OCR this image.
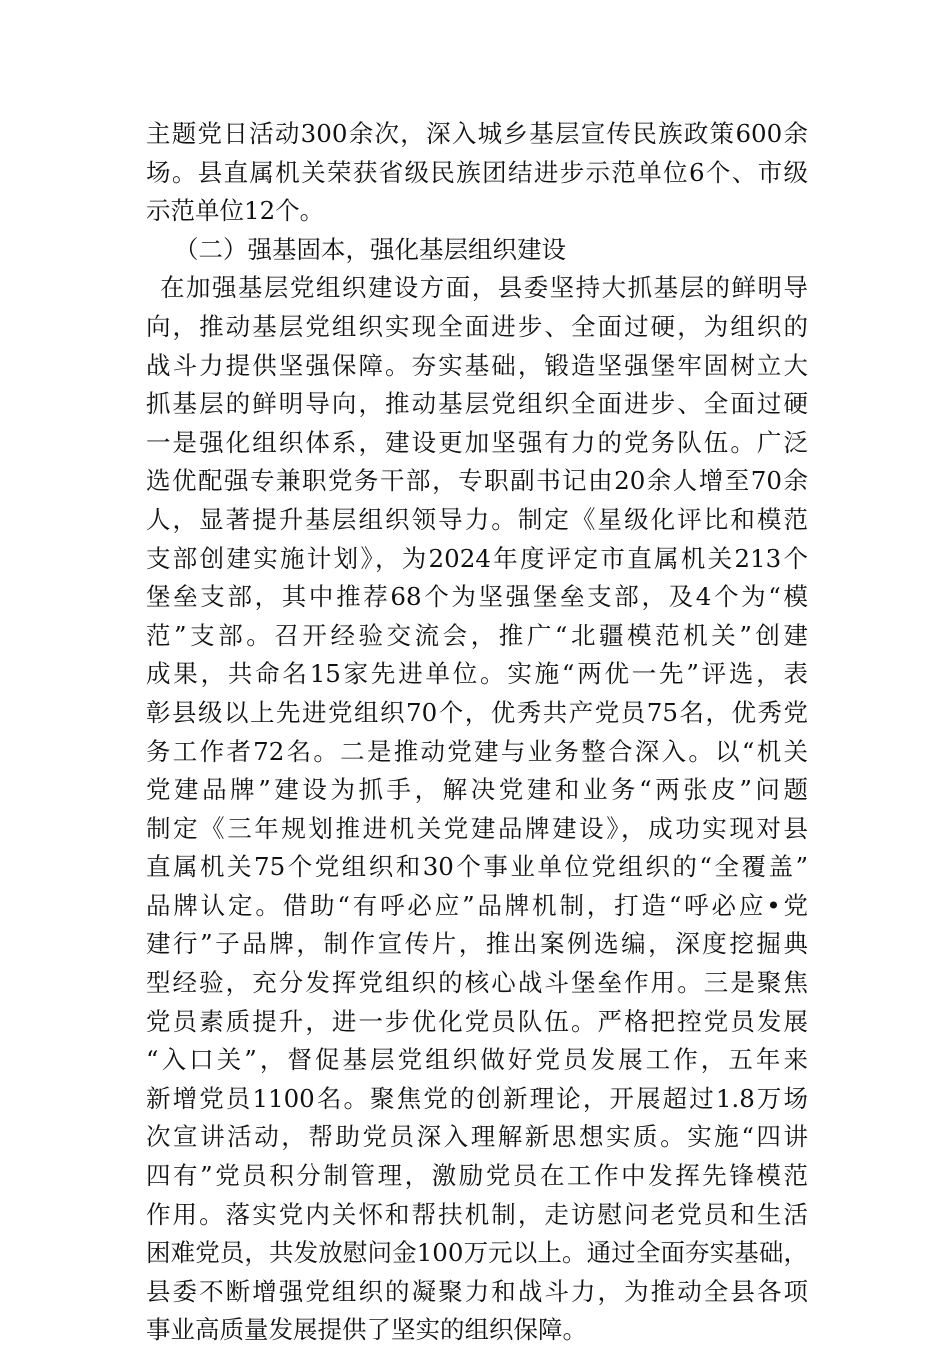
主题党日活动300余次，深入城乡基层宣传民族政策600余
场。县直属机关荣获省级民族团结进步示范单位6个、市级
示范单位12个。
（二）强基固本，强化基层组织建设
在加强基层党组织建设方面，县委坚持大抓基层的鲜明导
向，推动基层党组织实现全面进步、全面过硬，为组织的
战斗力提供坚强保障。夯实基础，锻造坚强堡牢固树立大
抓基层的鲜明导向，推动基层党组织全面进步、全面过硬
一是强化组织体系，建设更加坚强有力的党务队伍。广泛
选优配强专兼职党务干部，专职副书记由20余人增至70余
人，显著提升基层组织领导力。制定《星级化评比和模范
支部创建实施计划》，为2024年度评定市直属机关213个
堡垒支部，其中推荐68个为坚强堡垒支部，及4个为“模
范”支部。召开经验交流会，推广“北疆模范机关”创建
成果，共命名15家先进单位。实施“两优一先”评选，表
彰县级以上先进党组织70个，优秀共产党员75名，优秀党
务工作者72名。二是推动党建与业务整合深入。以“机关
党建品牌”建设为抓手，解决党建和业务“两张皮”问题
制定《三年规划推进机关党建品牌建设》，成功实现对县
直属机关75个党组织和30个事业单位党组织的“全覆盖”
品牌认定。借助“有呼必应”品牌机制，打造“呼必应•党
建行”子品牌，制作宣传片，推出案例选编，深度挖掘典
型经验，充分发挥党组织的核心战斗堡垒作用。三是聚焦
党员素质提升，进一步优化党员队伍。严格把控党员发展
“入口关”，督促基层党组织做好党员发展工作，五年来
新增党员1100名。聚焦党的创新理论，开展超过1.8万场
次宣讲活动，帮助党员深入理解新思想实质。实施“四讲
四有”党员积分制管理，激励党员在工作中发挥先锋模范
作用。落实党内关怀和帮扶机制，走访慰问老党员和生活
困难党员，共发放慰问金100万元以上。通过全面夯实基础，
县委不断增强党组织的凝聚力和战斗力，为推动全县各项
事业高质量发展提供了坚实的组织保障。
